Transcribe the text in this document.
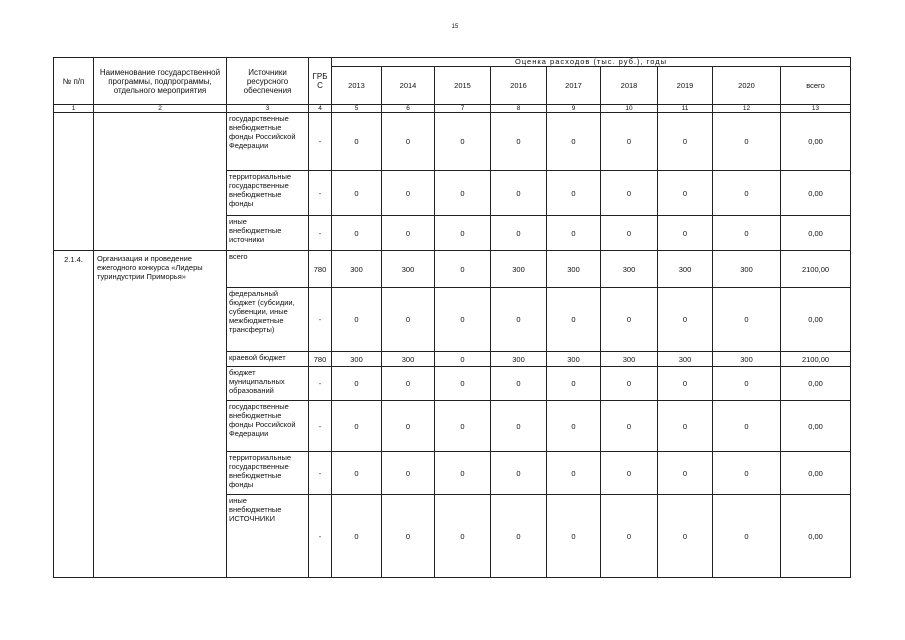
15
№ п/п	Наименование государственной программы, подпрограммы, отдельного мероприятия	Источники ресурсного обеспечения	ГРБС	Оценка расходов (тыс. руб.), годы								
				2013	2014	2015	2016	2017	2018	2019	2020	всего
1	2	3	4	5	6	7	8	9	10	11	12	13
		государственные внебюджетные фонды Российской Федерации	-	0	0	0	0	0	0	0	0	0,00
		территориальные государственные внебюджетные фонды	-	0	0	0	0	0	0	0	0	0,00
		иные внебюджетные источники	-	0	0	0	0	0	0	0	0	0,00
2.1.4.	Организация и проведение ежегодного конкурса «Лидеры туриндустрии Приморья»	всего	780	300	300	0	300	300	300	300	300	2100,00
		федеральный бюджет (субсидии, субвенции, иные межбюджетные трансферты)	-	0	0	0	0	0	0	0	0	0,00
		краевой бюджет	780	300	300	0	300	300	300	300	300	2100,00
		бюджет муниципальных образований	-	0	0	0	0	0	0	0	0	0,00
		государственные внебюджетные фонды Российской Федерации	-	0	0	0	0	0	0	0	0	0,00
		территориальные государственные внебюджетные фонды	-	0	0	0	0	0	0	0	0	0,00
		иные внебюджетные ИСТОЧНИКИ	-	0	0	0	0	0	0	0	0	0,00
